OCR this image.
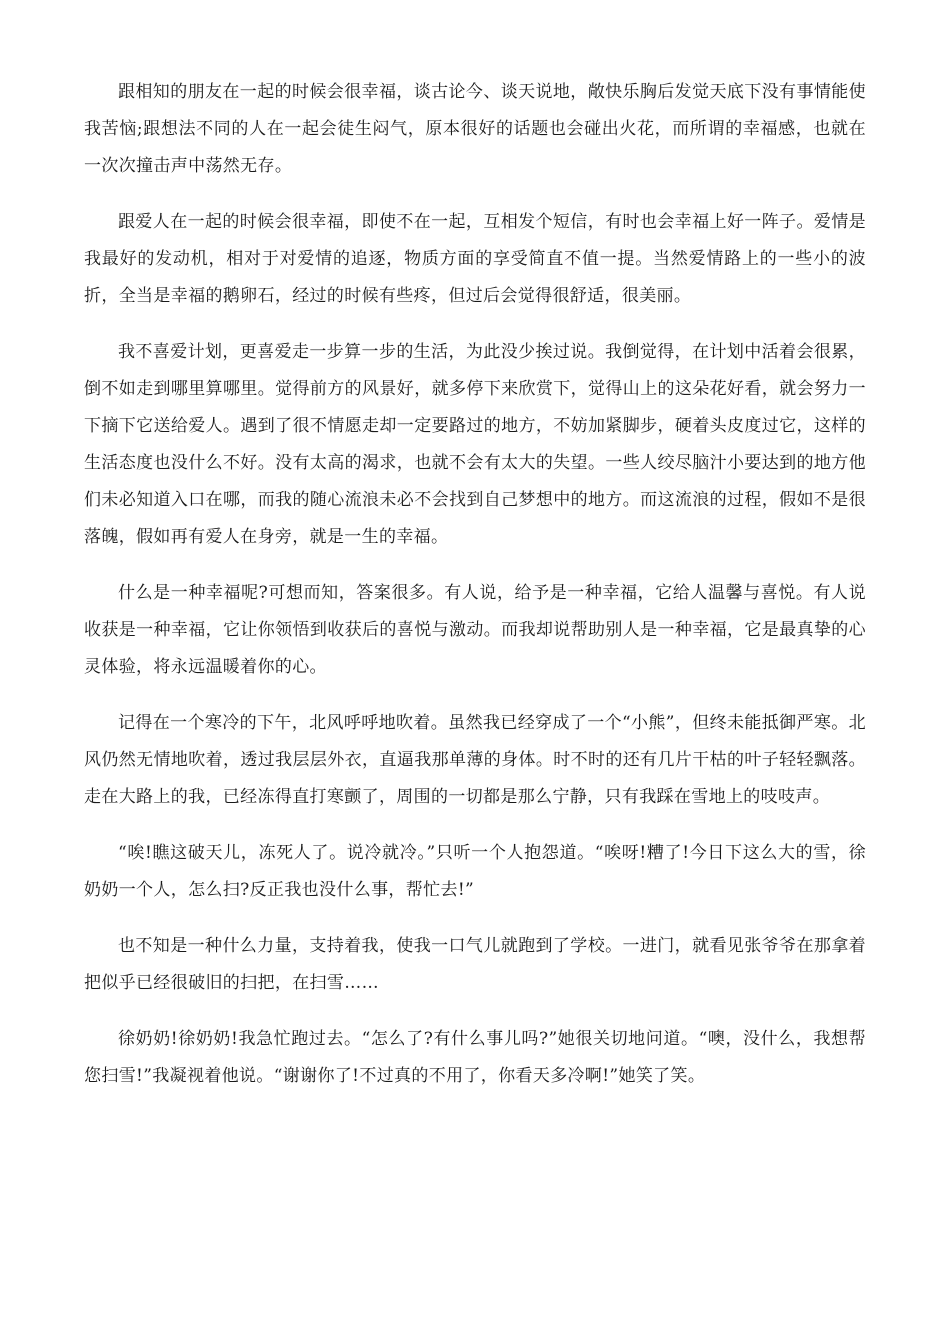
跟相知的朋友在一起的时候会很幸福，谈古论今、谈天说地，敞快乐胸后发觉天底下没有事情能使我苦恼;跟想法不同的人在一起会徒生闷气，原本很好的话题也会碰出火花，而所谓的幸福感，也就在一次次撞击声中荡然无存。

跟爱人在一起的时候会很幸福，即使不在一起，互相发个短信，有时也会幸福上好一阵子。爱情是我最好的发动机，相对于对爱情的追逐，物质方面的享受简直不值一提。当然爱情路上的一些小的波折，全当是幸福的鹅卵石，经过的时候有些疼，但过后会觉得很舒适，很美丽。

我不喜爱计划，更喜爱走一步算一步的生活，为此没少挨过说。我倒觉得，在计划中活着会很累，倒不如走到哪里算哪里。觉得前方的风景好，就多停下来欣赏下，觉得山上的这朵花好看，就会努力一下摘下它送给爱人。遇到了很不情愿走却一定要路过的地方，不妨加紧脚步，硬着头皮度过它，这样的生活态度也没什么不好。没有太高的渴求，也就不会有太大的失望。一些人绞尽脑汁小要达到的地方他们未必知道入口在哪，而我的随心流浪未必不会找到自己梦想中的地方。而这流浪的过程，假如不是很落魄，假如再有爱人在身旁，就是一生的幸福。

什么是一种幸福呢?可想而知，答案很多。有人说，给予是一种幸福，它给人温馨与喜悦。有人说收获是一种幸福，它让你领悟到收获后的喜悦与激动。而我却说帮助别人是一种幸福，它是最真挚的心灵体验，将永远温暖着你的心。

记得在一个寒冷的下午，北风呼呼地吹着。虽然我已经穿成了一个“小熊”，但终未能抵御严寒。北风仍然无情地吹着，透过我层层外衣，直逼我那单薄的身体。时不时的还有几片干枯的叶子轻轻飘落。走在大路上的我，已经冻得直打寒颤了，周围的一切都是那么宁静，只有我踩在雪地上的吱吱声。

“唉!瞧这破天儿，冻死人了。说冷就冷。”只听一个人抱怨道。“唉呀!糟了!今日下这么大的雪，徐奶奶一个人，怎么扫?反正我也没什么事，帮忙去!”

也不知是一种什么力量，支持着我，使我一口气儿就跑到了学校。一进门，就看见张爷爷在那拿着把似乎已经很破旧的扫把，在扫雪……

徐奶奶!徐奶奶!我急忙跑过去。“怎么了?有什么事儿吗?”她很关切地问道。“噢，没什么，我想帮您扫雪!”我凝视着他说。“谢谢你了!不过真的不用了，你看天多冷啊!”她笑了笑。
